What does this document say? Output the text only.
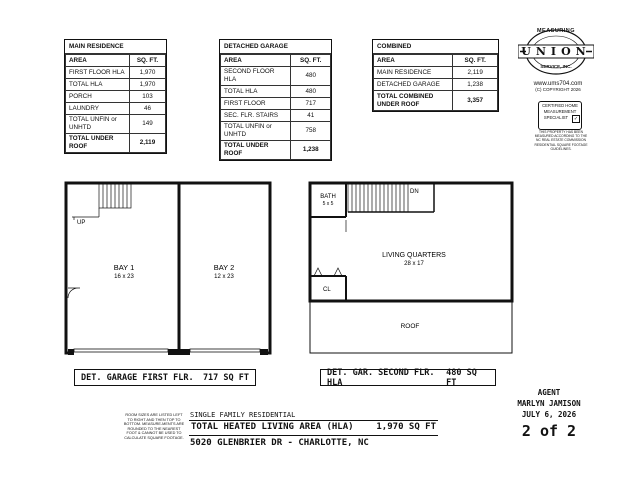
MAIN RESIDENCE
AREA	SQ. FT.
FIRST FLOOR HLA	1,970
TOTAL HLA	1,970
PORCH	103
LAUNDRY	46
TOTAL UNFIN or UNHTD	149
TOTAL UNDER ROOF	2,119
DETACHED GARAGE
AREA	SQ. FT.
SECOND FLOOR HLA	480
TOTAL HLA	480
FIRST FLOOR	717
SEC. FLR. STAIRS	41
TOTAL UNFIN or UNHTD	758
TOTAL UNDER ROOF	1,238
COMBINED
AREA	SQ. FT.
MAIN RESIDENCE	2,119
DETACHED GARAGE	1,238
TOTAL COMBINED UNDER ROOF	3,357
MEASURING
UNION
SERVICE, INC.
www.ums704.com
(C) COPYRIGHT 2026
CERTIFIED HOME
MEASUREMENT
SPECIALIST	✓
THIS PROPERTY HAS BEEN MEASURED ACCORDING TO THE NC REAL ESTATE COMMISSION RESIDENTIAL SQUARE FOOTAGE GUIDELINES.
UP
BAY 1
16 x 23
BAY 2
12 x 23
DET. GARAGE FIRST FLR. 717 SQ FT
BATH
5 x 5
DN
LIVING QUARTERS
28 x 17
CL
ROOF
DET. GAR. SECOND FLR. HLA
480 SQ FT
ROOM SIZES ARE LISTED LEFT TO RIGHT AND THEN TOP TO BOTTOM. MEASURE-MENTS ARE ROUNDED TO THE NEAREST FOOT & CANNOT BE USED TO CALCULATE SQUARE FOOTAGE.
SINGLE FAMILY RESIDENTIAL
TOTAL HEATED LIVING AREA (HLA)	1,970 SQ FT
5020 GLENBRIER DR - CHARLOTTE, NC
AGENT
MARLYN JAMISON
JULY 6, 2026
2 of 2
